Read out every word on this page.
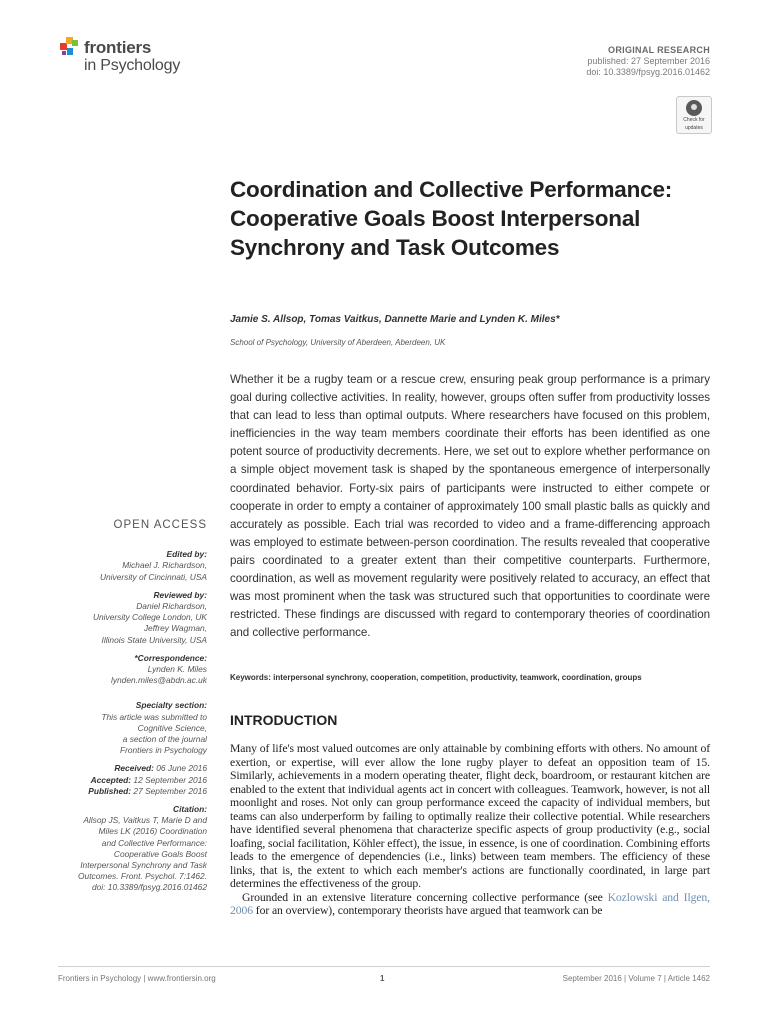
frontiers
in Psychology
ORIGINAL RESEARCH
published: 27 September 2016
doi: 10.3389/fpsyg.2016.01462
Check for
updates
Coordination and Collective Performance: Cooperative Goals Boost Interpersonal Synchrony and Task Outcomes
Jamie S. Allsop, Tomas Vaitkus, Dannette Marie and Lynden K. Miles*
School of Psychology, University of Aberdeen, Aberdeen, UK
Whether it be a rugby team or a rescue crew, ensuring peak group performance is a primary goal during collective activities. In reality, however, groups often suffer from productivity losses that can lead to less than optimal outputs. Where researchers have focused on this problem, inefficiencies in the way team members coordinate their efforts has been identified as one potent source of productivity decrements. Here, we set out to explore whether performance on a simple object movement task is shaped by the spontaneous emergence of interpersonally coordinated behavior. Forty-six pairs of participants were instructed to either compete or cooperate in order to empty a container of approximately 100 small plastic balls as quickly and accurately as possible. Each trial was recorded to video and a frame-differencing approach was employed to estimate between-person coordination. The results revealed that cooperative pairs coordinated to a greater extent than their competitive counterparts. Furthermore, coordination, as well as movement regularity were positively related to accuracy, an effect that was most prominent when the task was structured such that opportunities to coordinate were restricted. These findings are discussed with regard to contemporary theories of coordination and collective performance.
Keywords: interpersonal synchrony, cooperation, competition, productivity, teamwork, coordination, groups
INTRODUCTION

Many of life's most valued outcomes are only attainable by combining efforts with others. No amount of exertion, or expertise, will ever allow the lone rugby player to defeat an opposition team of 15. Similarly, achievements in a modern operating theater, flight deck, boardroom, or restaurant kitchen are enabled to the extent that individual agents act in concert with colleagues. Teamwork, however, is not all moonlight and roses. Not only can group performance exceed the capacity of individual members, but teams can also underperform by failing to optimally realize their collective potential. While researchers have identified several phenomena that characterize specific aspects of group productivity (e.g., social loafing, social facilitation, Köhler effect), the issue, in essence, is one of coordination. Combining efforts leads to the emergence of dependencies (i.e., links) between team members. The efficiency of these links, that is, the extent to which each member's actions are functionally coordinated, in large part determines the effectiveness of the group.

Grounded in an extensive literature concerning collective performance (see Kozlowski and Ilgen, 2006 for an overview), contemporary theorists have argued that teamwork can be

OPEN ACCESS
Edited by:
Michael J. Richardson,
University of Cincinnati, USA
Reviewed by:
Daniel Richardson,
University College London, UK
Jeffrey Wagman,
Illinois State University, USA
*Correspondence:
Lynden K. Miles
lynden.miles@abdn.ac.uk
Specialty section:
This article was submitted to
Cognitive Science,
a section of the journal
Frontiers in Psychology
Received: 06 June 2016
Accepted: 12 September 2016
Published: 27 September 2016
Citation:
Allsop JS, Vaitkus T, Marie D and
Miles LK (2016) Coordination
and Collective Performance:
Cooperative Goals Boost
Interpersonal Synchrony and Task
Outcomes. Front. Psychol. 7:1462.
doi: 10.3389/fpsyg.2016.01462
Frontiers in Psychology | www.frontiersin.org	1	September 2016 | Volume 7 | Article 1462
